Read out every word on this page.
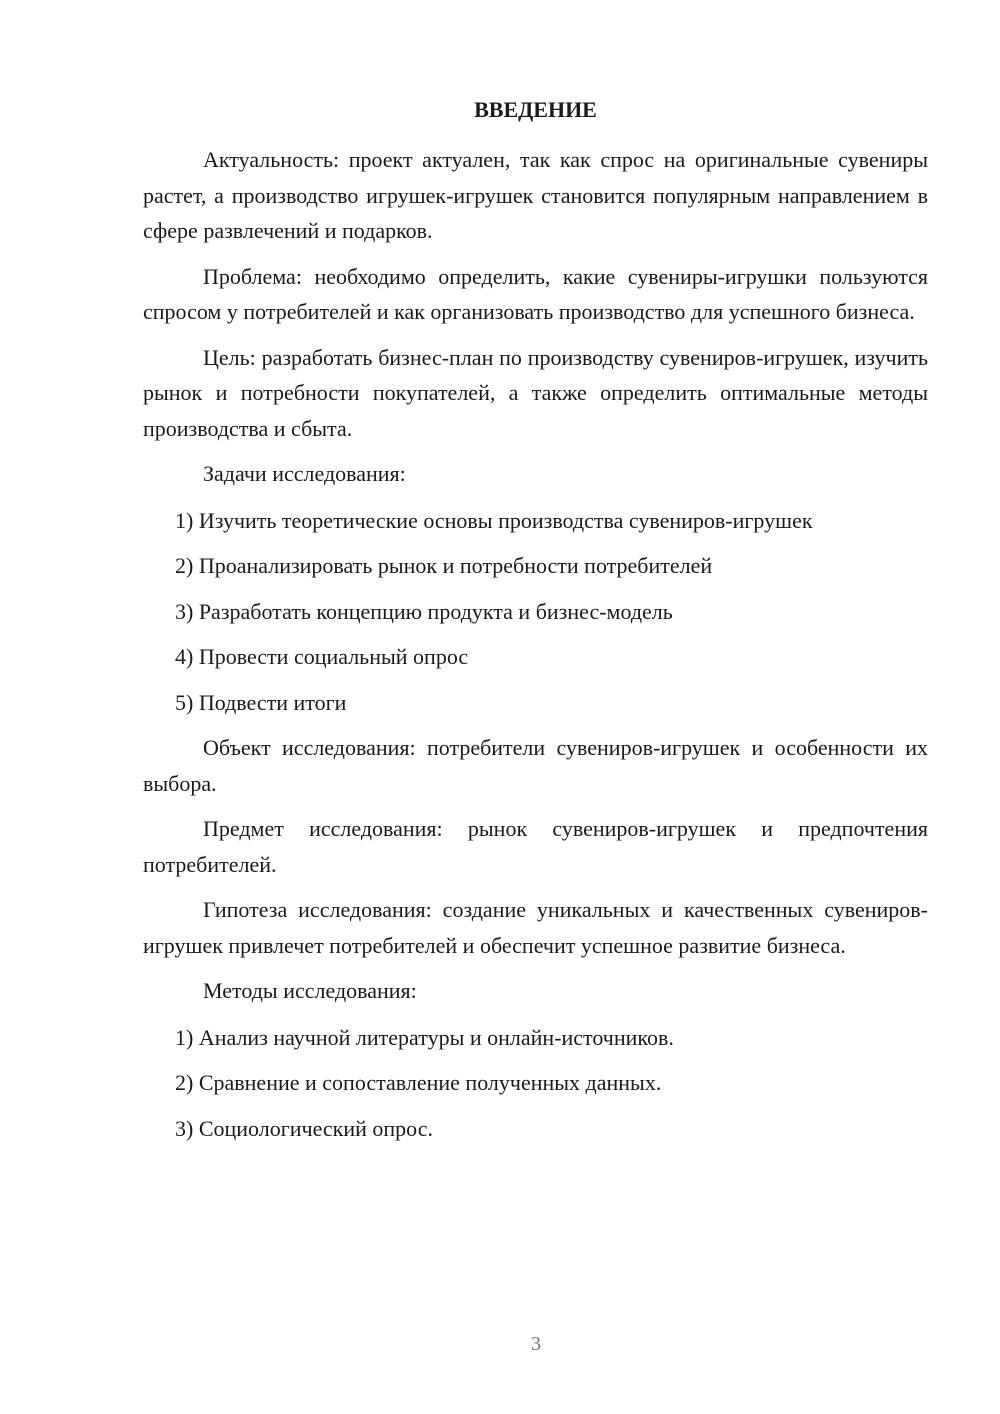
ВВЕДЕНИЕ

Актуальность: проект актуален, так как спрос на оригинальные сувениры растет, а производство игрушек-игрушек становится популярным направлением в сфере развлечений и подарков.

Проблема: необходимо определить, какие сувениры-игрушки пользуются спросом у потребителей и как организовать производство для успешного бизнеса.

Цель: разработать бизнес-план по производству сувениров-игрушек, изучить рынок и потребности покупателей, а также определить оптимальные методы производства и сбыта.

Задачи исследования:

1) Изучить теоретические основы производства сувениров-игрушек
2) Проанализировать рынок и потребности потребителей
3) Разработать концепцию продукта и бизнес-модель
4) Провести социальный опрос
5) Подвести итоги

Объект исследования: потребители сувениров-игрушек и особенности их выбора.

Предмет исследования: рынок сувениров-игрушек и предпочтения потребителей.

Гипотеза исследования: создание уникальных и качественных сувениров-игрушек привлечет потребителей и обеспечит успешное развитие бизнеса.

Методы исследования:

1) Анализ научной литературы и онлайн-источников.
2) Сравнение и сопоставление полученных данных.
3) Социологический опрос.
3
